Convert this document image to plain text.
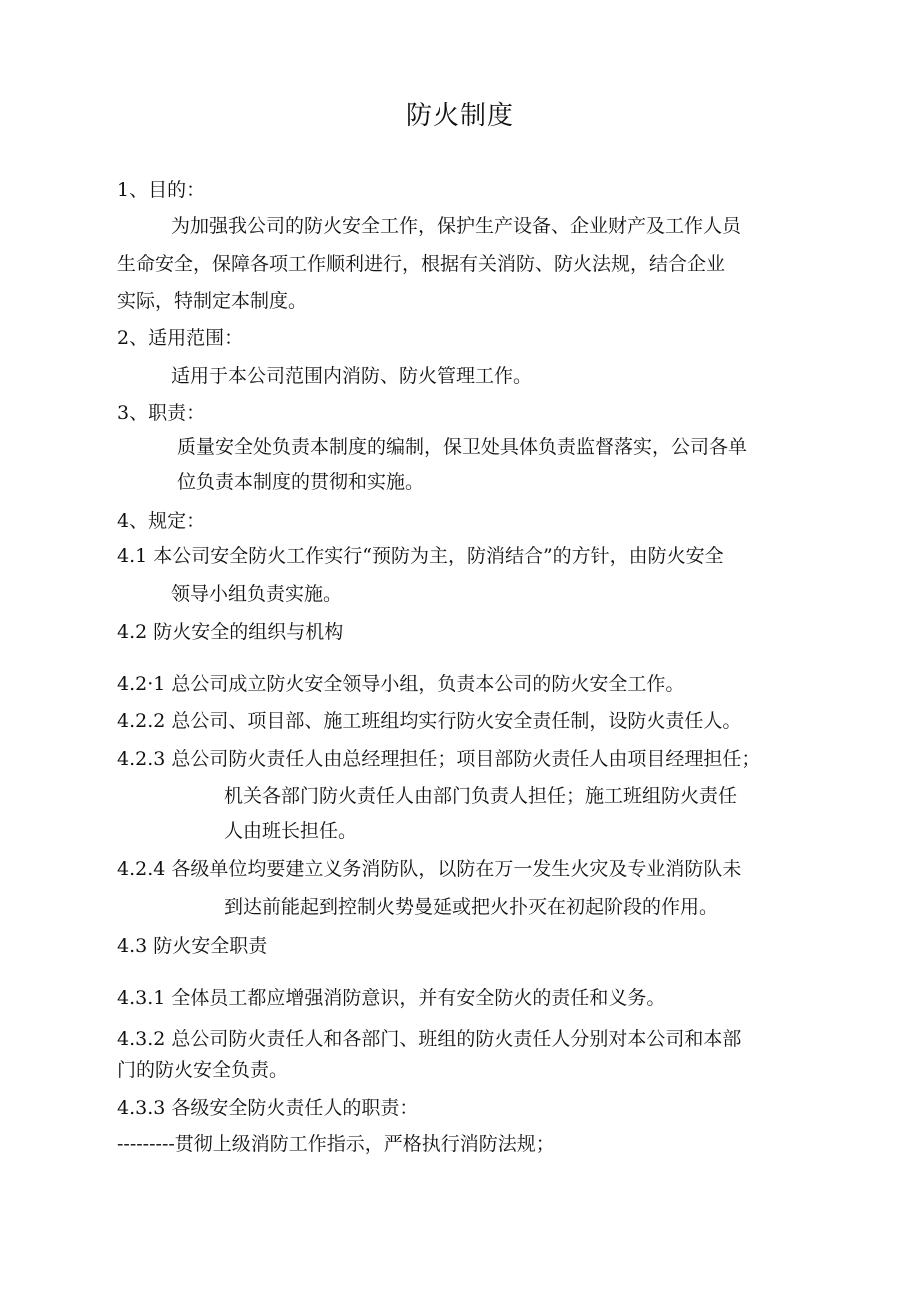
防火制度
1、目的：
为加强我公司的防火安全工作，保护生产设备、企业财产及工作人员
生命安全，保障各项工作顺利进行，根据有关消防、防火法规，结合企业
实际，特制定本制度。
2、适用范围：
适用于本公司范围内消防、防火管理工作。
3、职责：
质量安全处负责本制度的编制，保卫处具体负责监督落实，公司各单
位负责本制度的贯彻和实施。
4、规定：
4.1 本公司安全防火工作实行“预防为主，防消结合”的方针，由防火安全
领导小组负责实施。
4.2 防火安全的组织与机构
4.2·1 总公司成立防火安全领导小组，负责本公司的防火安全工作。
4.2.2 总公司、项目部、施工班组均实行防火安全责任制，设防火责任人。
4.2.3 总公司防火责任人由总经理担任；项目部防火责任人由项目经理担任；
机关各部门防火责任人由部门负责人担任；施工班组防火责任
人由班长担任。
4.2.4 各级单位均要建立义务消防队，以防在万一发生火灾及专业消防队未
到达前能起到控制火势曼延或把火扑灭在初起阶段的作用。
4.3 防火安全职责
4.3.1 全体员工都应增强消防意识，并有安全防火的责任和义务。
4.3.2 总公司防火责任人和各部门、班组的防火责任人分别对本公司和本部
门的防火安全负责。
4.3.3 各级安全防火责任人的职责：
---------贯彻上级消防工作指示，严格执行消防法规；
